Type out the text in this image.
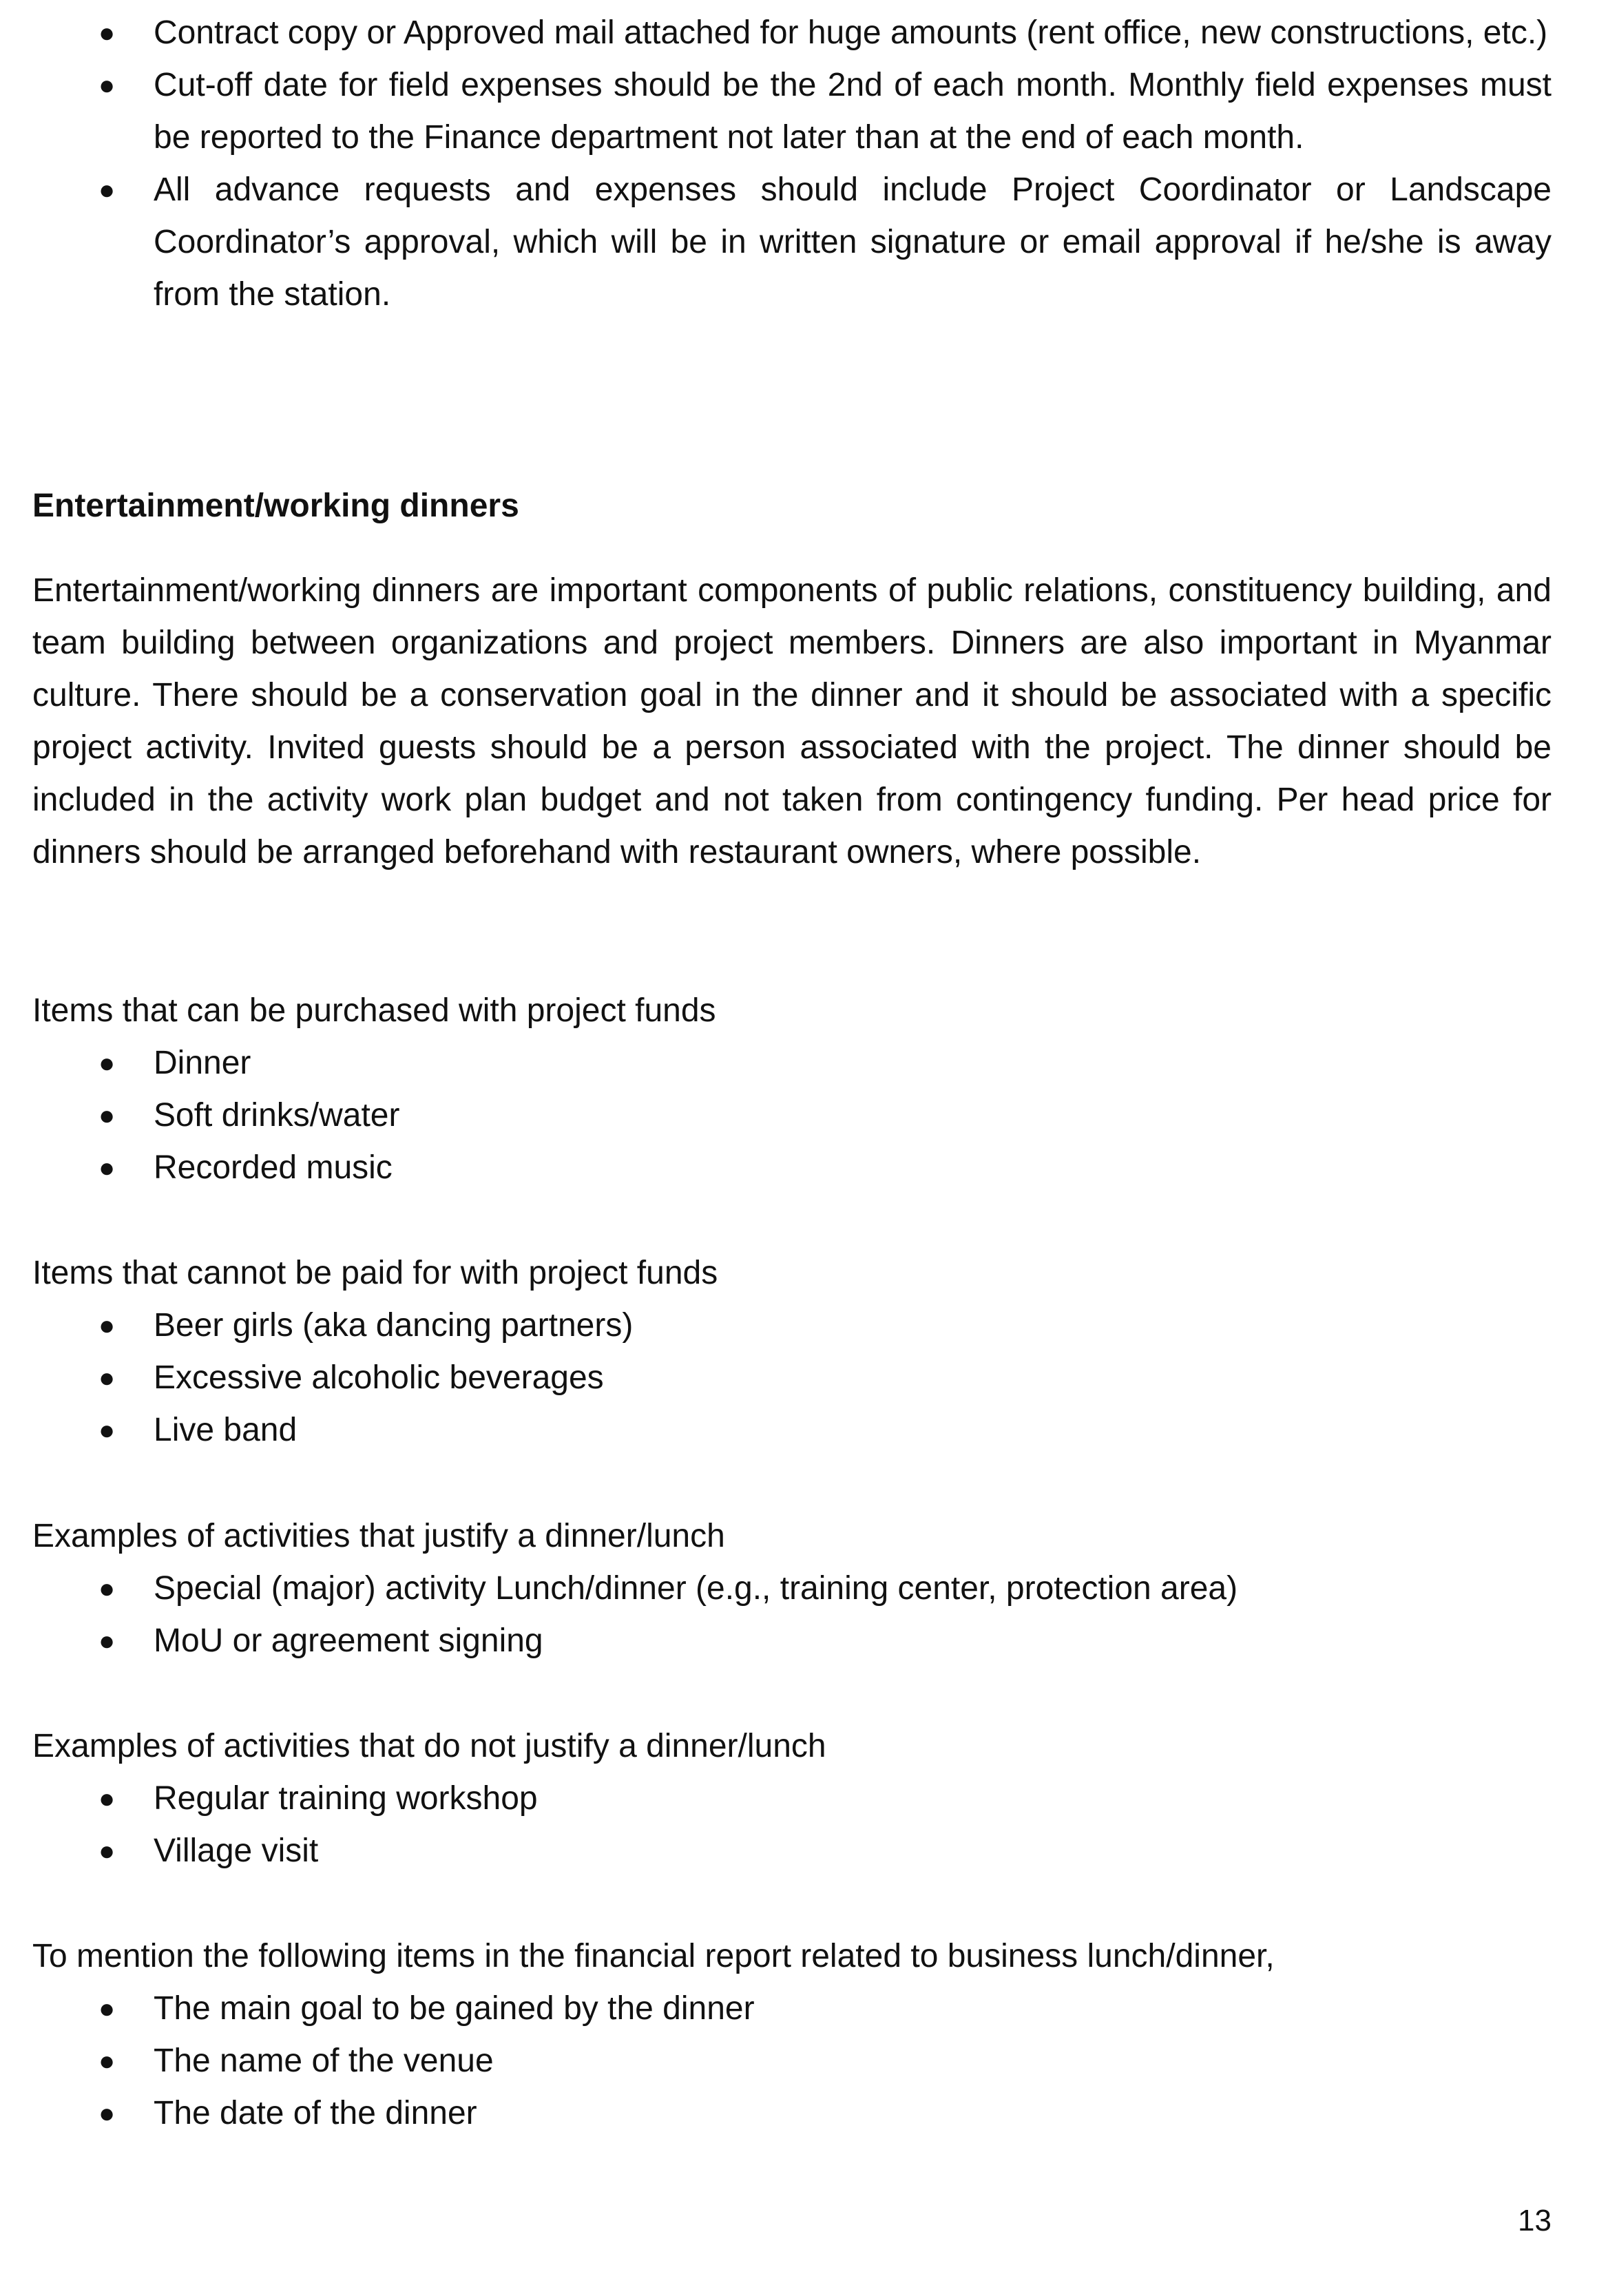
● Contract copy or Approved mail attached for huge amounts (rent office, new constructions, etc.)
● Cut-off date for field expenses should be the 2nd of each month. Monthly field expenses must be reported to the Finance department not later than at the end of each month.
● All advance requests and expenses should include Project Coordinator or Landscape Coordinator’s approval, which will be in written signature or email approval if he/she is away from the station.

Entertainment/working dinners

Entertainment/working dinners are important components of public relations, constituency building, and team building between organizations and project members. Dinners are also important in Myanmar culture. There should be a conservation goal in the dinner and it should be associated with a specific project activity. Invited guests should be a person associated with the project. The dinner should be included in the activity work plan budget and not taken from contingency funding. Per head price for dinners should be arranged beforehand with restaurant owners, where possible.

Items that can be purchased with project funds

● Dinner
● Soft drinks/water
● Recorded music

Items that cannot be paid for with project funds

● Beer girls (aka dancing partners)
● Excessive alcoholic beverages
● Live band

Examples of activities that justify a dinner/lunch

● Special (major) activity Lunch/dinner (e.g., training center, protection area)
● MoU or agreement signing

Examples of activities that do not justify a dinner/lunch

● Regular training workshop
● Village visit

To mention the following items in the financial report related to business lunch/dinner,

● The main goal to be gained by the dinner
● The name of the venue
● The date of the dinner
13
